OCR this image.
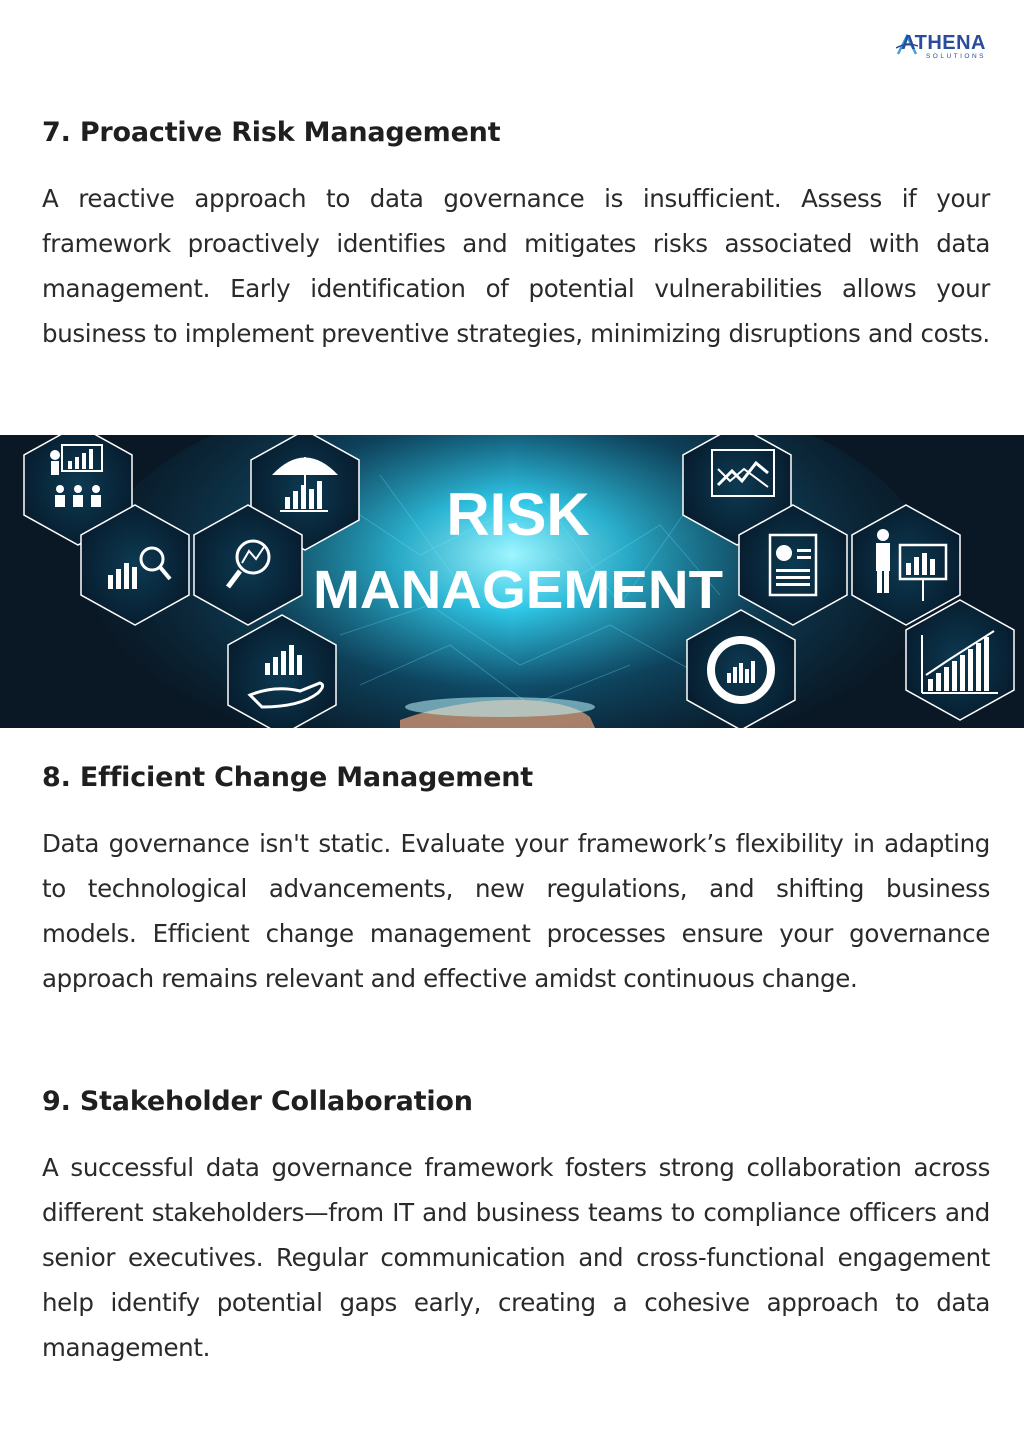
ATHENA
SOLUTIONS
7. Proactive Risk Management

A reactive approach to data governance is insufficient. Assess if your framework proactively identifies and mitigates risks associated with data management. Early identification of potential vulnerabilities allows your business to implement preventive strategies, minimizing disruptions and costs.

RISK
MANAGEMENT
8. Efficient Change Management

Data governance isn't static. Evaluate your framework’s flexibility in adapting to technological advancements, new regulations, and shifting business models. Efficient change management processes ensure your governance approach remains relevant and effective amidst continuous change.

9. Stakeholder Collaboration

A successful data governance framework fosters strong collaboration across different stakeholders—from IT and business teams to compliance officers and senior executives. Regular communication and cross-functional engagement help identify potential gaps early, creating a cohesive approach to data management.
